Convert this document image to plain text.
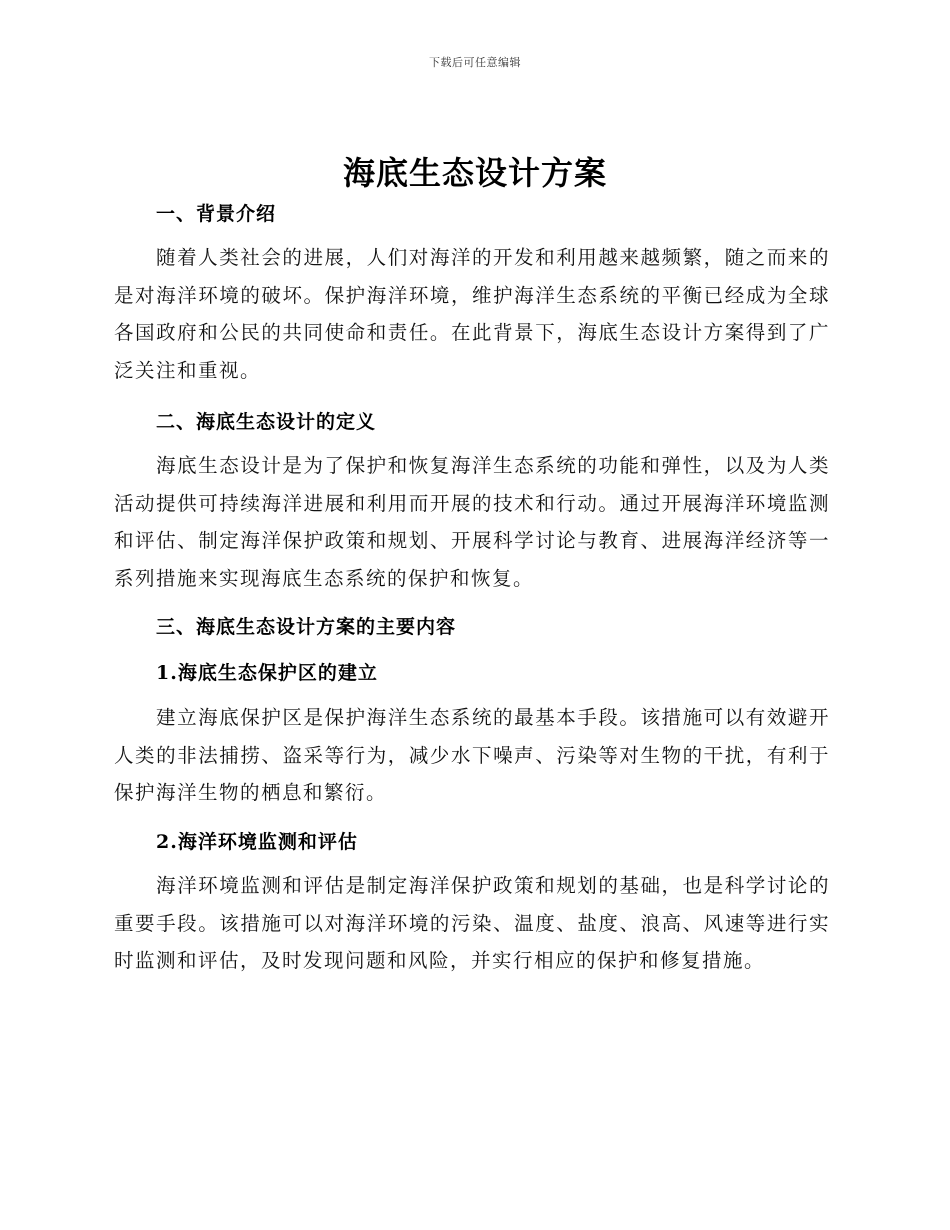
下载后可任意编辑
海底生态设计方案
一、背景介绍
随着人类社会的进展，人们对海洋的开发和利用越来越频繁，随之而来的是对海洋环境的破坏。保护海洋环境，维护海洋生态系统的平衡已经成为全球各国政府和公民的共同使命和责任。在此背景下，海底生态设计方案得到了广泛关注和重视。
二、海底生态设计的定义
海底生态设计是为了保护和恢复海洋生态系统的功能和弹性，以及为人类活动提供可持续海洋进展和利用而开展的技术和行动。通过开展海洋环境监测和评估、制定海洋保护政策和规划、开展科学讨论与教育、进展海洋经济等一系列措施来实现海底生态系统的保护和恢复。
三、海底生态设计方案的主要内容
1.海底生态保护区的建立
建立海底保护区是保护海洋生态系统的最基本手段。该措施可以有效避开人类的非法捕捞、盗采等行为，减少水下噪声、污染等对生物的干扰，有利于保护海洋生物的栖息和繁衍。
2.海洋环境监测和评估
海洋环境监测和评估是制定海洋保护政策和规划的基础，也是科学讨论的重要手段。该措施可以对海洋环境的污染、温度、盐度、浪高、风速等进行实时监测和评估，及时发现问题和风险，并实行相应的保护和修复措施。
